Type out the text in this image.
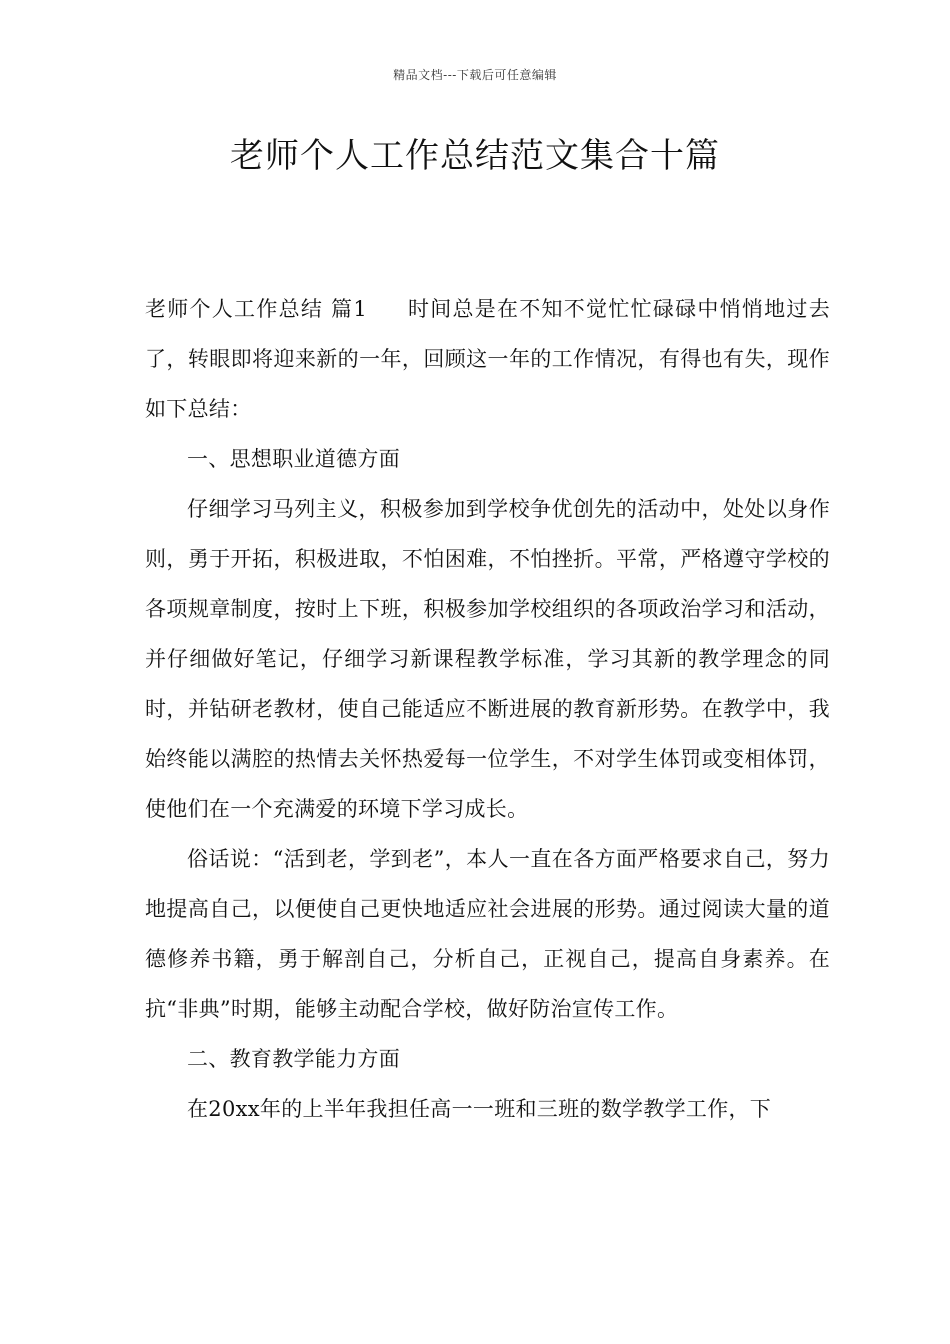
精品文档---下载后可任意编辑
老师个人工作总结范文集合十篇

老师个人工作总结 篇1 时间总是在不知不觉忙忙碌碌中悄悄地过去了，转眼即将迎来新的一年，回顾这一年的工作情况，有得也有失，现作如下总结：

一、思想职业道德方面

仔细学习马列主义，积极参加到学校争优创先的活动中，处处以身作则，勇于开拓，积极进取，不怕困难，不怕挫折。平常，严格遵守学校的各项规章制度，按时上下班，积极参加学校组织的各项政治学习和活动，并仔细做好笔记，仔细学习新课程教学标准，学习其新的教学理念的同时，并钻研老教材，使自己能适应不断进展的教育新形势。在教学中，我始终能以满腔的热情去关怀热爱每一位学生，不对学生体罚或变相体罚，使他们在一个充满爱的环境下学习成长。

俗话说：“活到老，学到老”，本人一直在各方面严格要求自己，努力地提高自己，以便使自己更快地适应社会进展的形势。通过阅读大量的道德修养书籍，勇于解剖自己，分析自己，正视自己，提高自身素养。在抗“非典”时期，能够主动配合学校，做好防治宣传工作。

二、教育教学能力方面

在20xx年的上半年我担任高一一班和三班的数学教学工作，下
